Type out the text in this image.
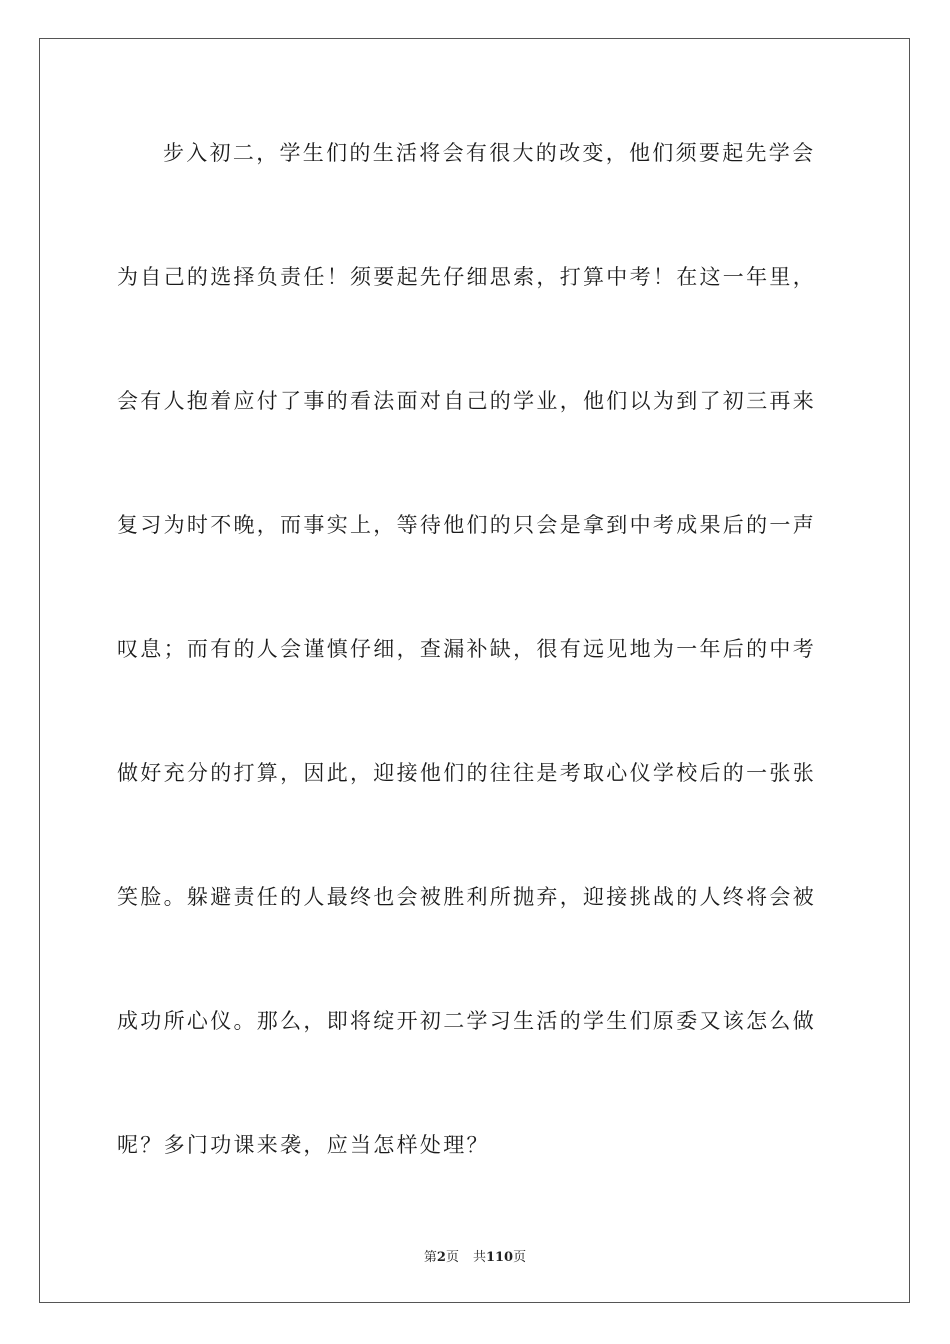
步入初二，学生们的生活将会有很大的改变，他们须要起先学会
为自己的选择负责任！须要起先仔细思索，打算中考！在这一年里，
会有人抱着应付了事的看法面对自己的学业，他们以为到了初三再来
复习为时不晚，而事实上，等待他们的只会是拿到中考成果后的一声
叹息；而有的人会谨慎仔细，查漏补缺，很有远见地为一年后的中考
做好充分的打算，因此，迎接他们的往往是考取心仪学校后的一张张
笑脸。躲避责任的人最终也会被胜利所抛弃，迎接挑战的人终将会被
成功所心仪。那么，即将绽开初二学习生活的学生们原委又该怎么做
呢？多门功课来袭，应当怎样处理？
第2页 共110页
